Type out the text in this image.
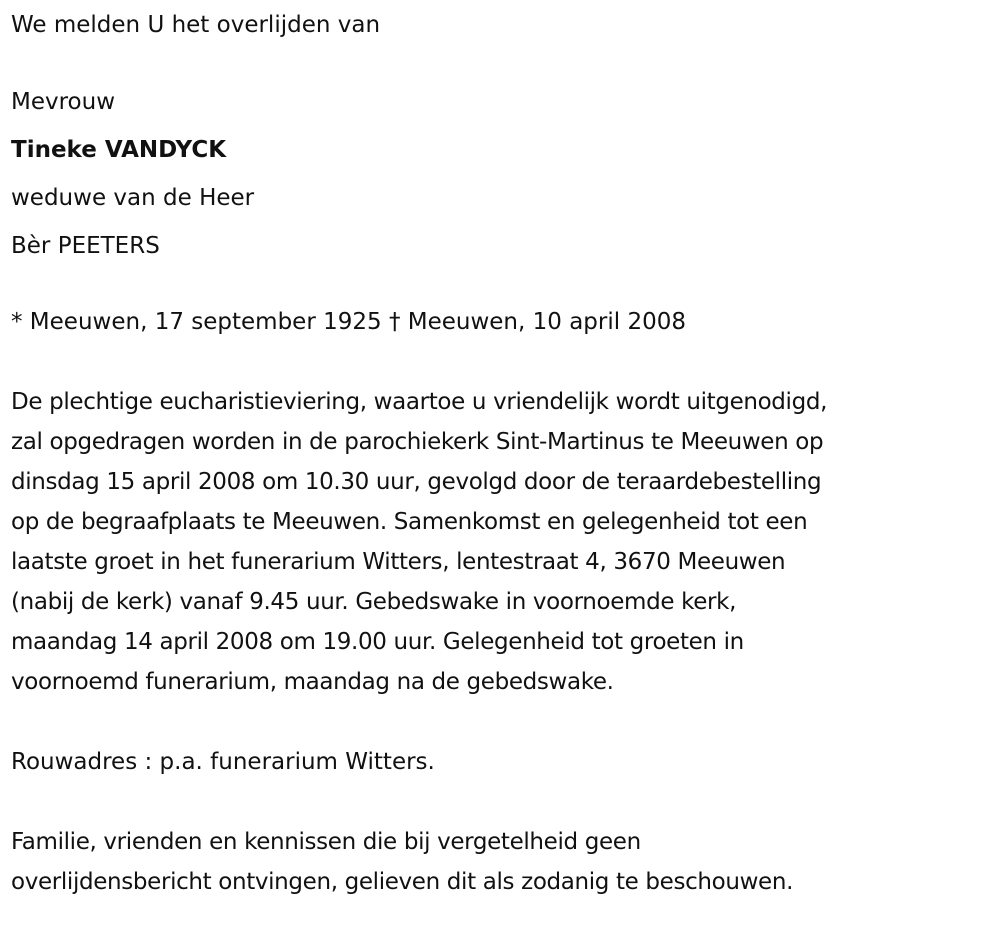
We melden U het overlijden van

Mevrouw

Tineke VANDYCK

weduwe van de Heer

Bèr PEETERS

* Meeuwen, 17 september 1925 † Meeuwen, 10 april 2008

De plechtige eucharistieviering, waartoe u vriendelijk wordt uitgenodigd,
zal opgedragen worden in de parochiekerk Sint-Martinus te Meeuwen op
dinsdag 15 april 2008 om 10.30 uur, gevolgd door de teraardebestelling
op de begraafplaats te Meeuwen. Samenkomst en gelegenheid tot een
laatste groet in het funerarium Witters, lentestraat 4, 3670 Meeuwen
(nabij de kerk) vanaf 9.45 uur. Gebedswake in voornoemde kerk,
maandag 14 april 2008 om 19.00 uur. Gelegenheid tot groeten in
voornoemd funerarium, maandag na de gebedswake.

Rouwadres : p.a. funerarium Witters.

Familie, vrienden en kennissen die bij vergetelheid geen
overlijdensbericht ontvingen, gelieven dit als zodanig te beschouwen.
